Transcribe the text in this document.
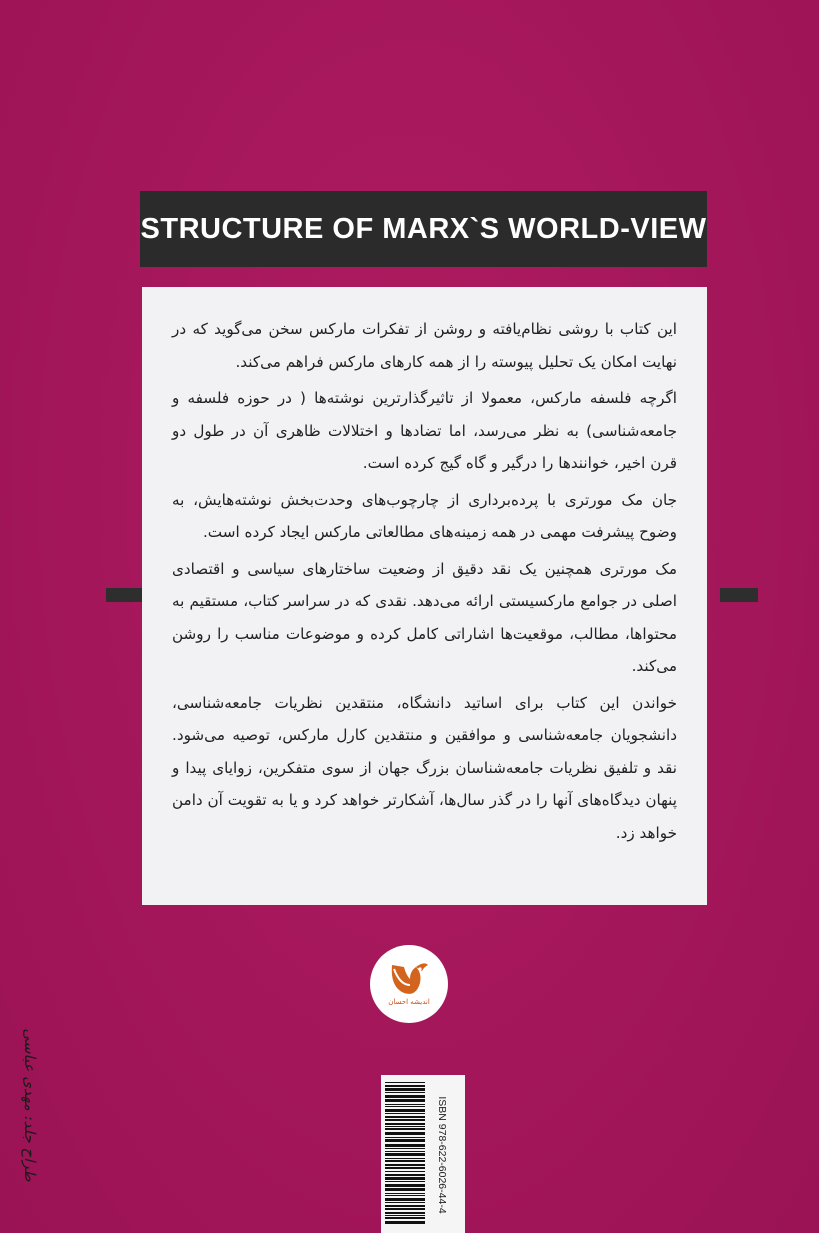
STRUCTURE OF MARX`S WORLD-VIEW

این کتاب با روشی نظام‌یافته و روشن از تفکرات مارکس سخن می‌گوید که در نهایت امکان یک تحلیل پیوسته را از همه کارهای مارکس فراهم می‌کند.

اگرچه فلسفه مارکس، معمولا از تاثیرگذارترین نوشته‌ها ( در حوزه فلسفه و جامعه‌شناسی) به نظر می‌رسد، اما تضادها و اختلالات ظاهری آن در طول دو قرن اخیر، خوانندها را درگیر و گاه گیج کرده است.

جان مک مورتری با پرده‌برداری از چارچوب‌های وحدت‌بخش نوشته‌هایش، به وضوح پیشرفت مهمی در همه زمینه‌های مطالعاتی مارکس ایجاد کرده است.

مک مورتری همچنین یک نقد دقیق از وضعیت ساختارهای سیاسی و اقتصادی اصلی در جوامع مارکسیستی ارائه می‌دهد. نقدی که در سراسر کتاب، مستقیم به محتواها، مطالب، موقعیت‌ها اشاراتی کامل کرده و موضوعات مناسب را روشن می‌کند.

خواندن این کتاب برای اساتید دانشگاه، منتقدین نظریات جامعه‌شناسی، دانشجویان جامعه‌شناسی و موافقین و منتقدین کارل مارکس، توصیه می‌شود. نقد و تلفیق نظریات جامعه‌شناسان بزرگ جهان از سوی متفکرین، زوایای پیدا و پنهان دیدگاه‌های آنها را در گذر سال‌ها، آشکارتر خواهد کرد و یا به تقویت آن دامن خواهد زد.

اندیشه احسان
ISBN 978-622-6026-44-4
طراح جلد: مهدی عباسی
